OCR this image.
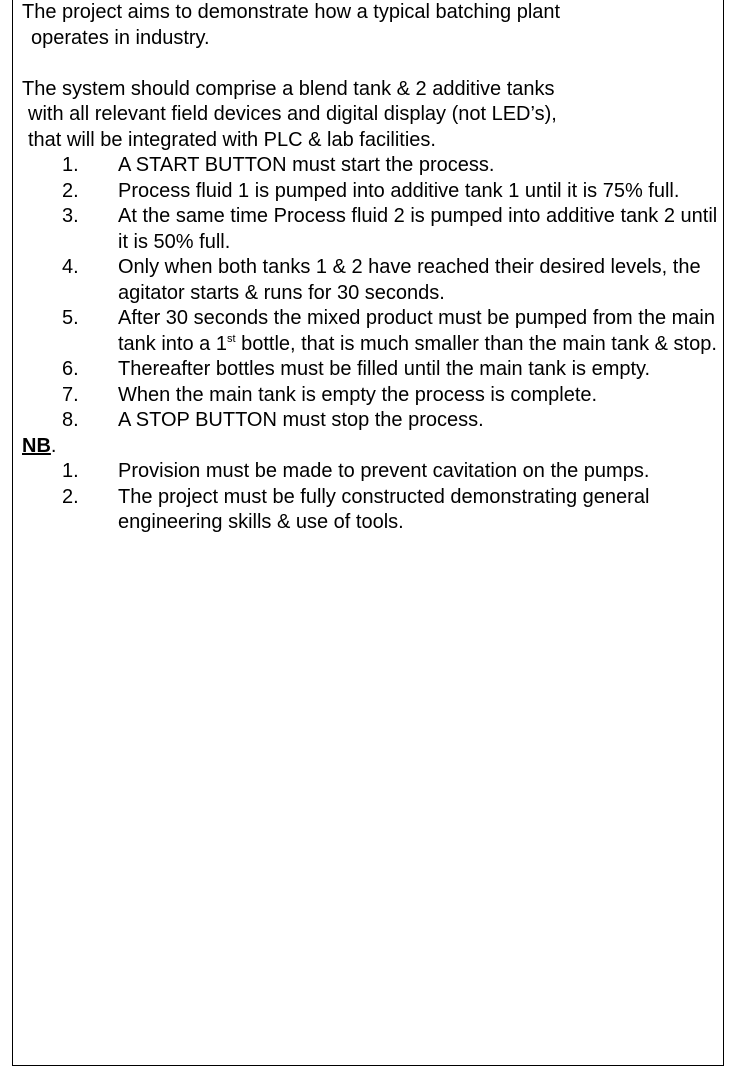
The project aims to demonstrate how a typical batching plant
operates in industry.
The system should comprise a blend tank & 2 additive tanks
with all relevant field devices and digital display (not LED’s),
that will be integrated with PLC & lab facilities.
1. A START BUTTON must start the process.
2. Process fluid 1 is pumped into additive tank 1 until it is 75% full.
3. At the same time Process fluid 2 is pumped into additive tank 2 until it is 50% full.
4. Only when both tanks 1 & 2 have reached their desired levels, the agitator starts & runs for 30 seconds.
5. After 30 seconds the mixed product must be pumped from the main tank into a 1st bottle, that is much smaller than the main tank & stop.
6. Thereafter bottles must be filled until the main tank is empty.
7. When the main tank is empty the process is complete.
8. A STOP BUTTON must stop the process.
NB.
1. Provision must be made to prevent cavitation on the pumps.
2. The project must be fully constructed demonstrating general engineering skills & use of tools.
